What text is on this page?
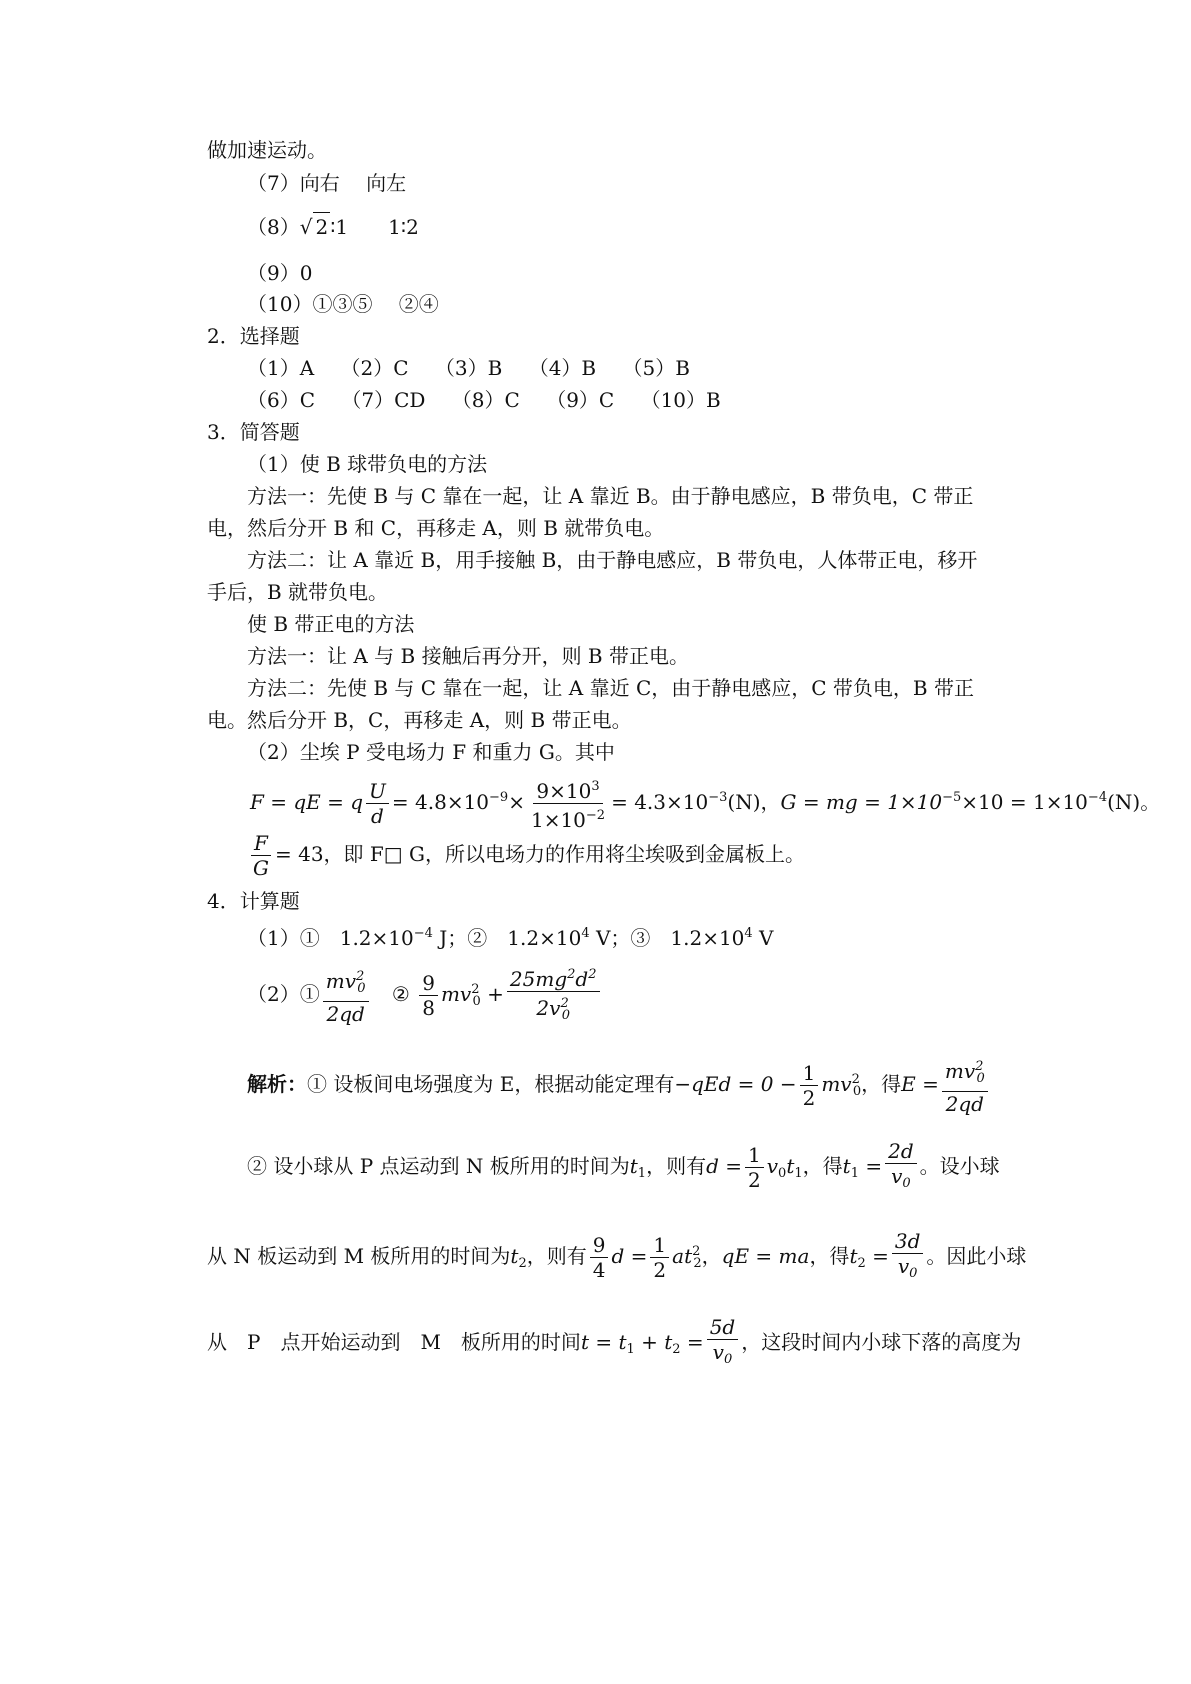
做加速运动。
（7）向右　 向左
（8）√ 2 ∶1　　1∶2
（9）0
（10）①③⑤　 ②④
2．选择题
（1）A　 （2）C　 （3）B　 （4）B　 （5）B
（6）C　 （7）CD　 （8）C　 （9）C　 （10）B
3．简答题
（1）使 B 球带负电的方法
方法一：先使 B 与 C 靠在一起，让 A 靠近 B。由于静电感应，B 带负电，C 带正
电，然后分开 B 和 C，再移走 A，则 B 就带负电。
方法二：让 A 靠近 B，用手接触 B，由于静电感应，B 带负电，人体带正电，移开
手后，B 就带负电。
使 B 带正电的方法
方法一：让 A 与 B 接触后再分开，则 B 带正电。
方法二：先使 B 与 C 靠在一起，让 A 靠近 C，由于静电感应，C 带负电，B 带正
电。然后分开 B，C，再移走 A，则 B 带正电。
（2）尘埃 P 受电场力 F 和重力 G。其中
F = qE = q $\frac{U}{d} = 4.8\times 10^{-9}\times \frac{9\times 10^3}{1\times 10^{-2}} = 4.3\times 10^{-3}(N)$，G = mg = $1\times 10^{-5}\times 10 = 1\times 10^{-4}(N)$。
$\frac{F}{G} = 43$，即 F□ G，所以电场力的作用将尘埃吸到金属板上。
4．计算题
（1）①　$1.2\times 10^{-4}$ J；②　$1.2\times 10^4$ V；③　$1.2\times 10^4$ V
（2）① $\frac{mv^2_0}{2qd}$ ② $\frac{9}{8} mv^2_0 + \frac{25mg^2d^2}{2v^2_0}$
解析：① 设板间电场强度为 E，根据动能定理有$-qEd = 0 - \frac{1}{2} mv^2_0$，得$E = \frac{mv^2_0}{2qd}$
② 设小球从 P 点运动到 N 板所用的时间为$t_1$，则有$d = \frac{1}{2} v_0t_1$，得$t_1 = \frac{2d}{v_0}$ 。设小球
从 N 板运动到 M 板所用的时间为$t_2$，则有 $\frac{9}{4}$ $d = \frac{1}{2} at^2_2$，qE = ma，得$t_2 = \frac{3d}{v_0}$ 。因此小球
从　P　点开始运动到　M　板所用的时间$t = t_1 + t_2 = \frac{5d}{v_0}$ ，这段时间内小球下落的高度为
